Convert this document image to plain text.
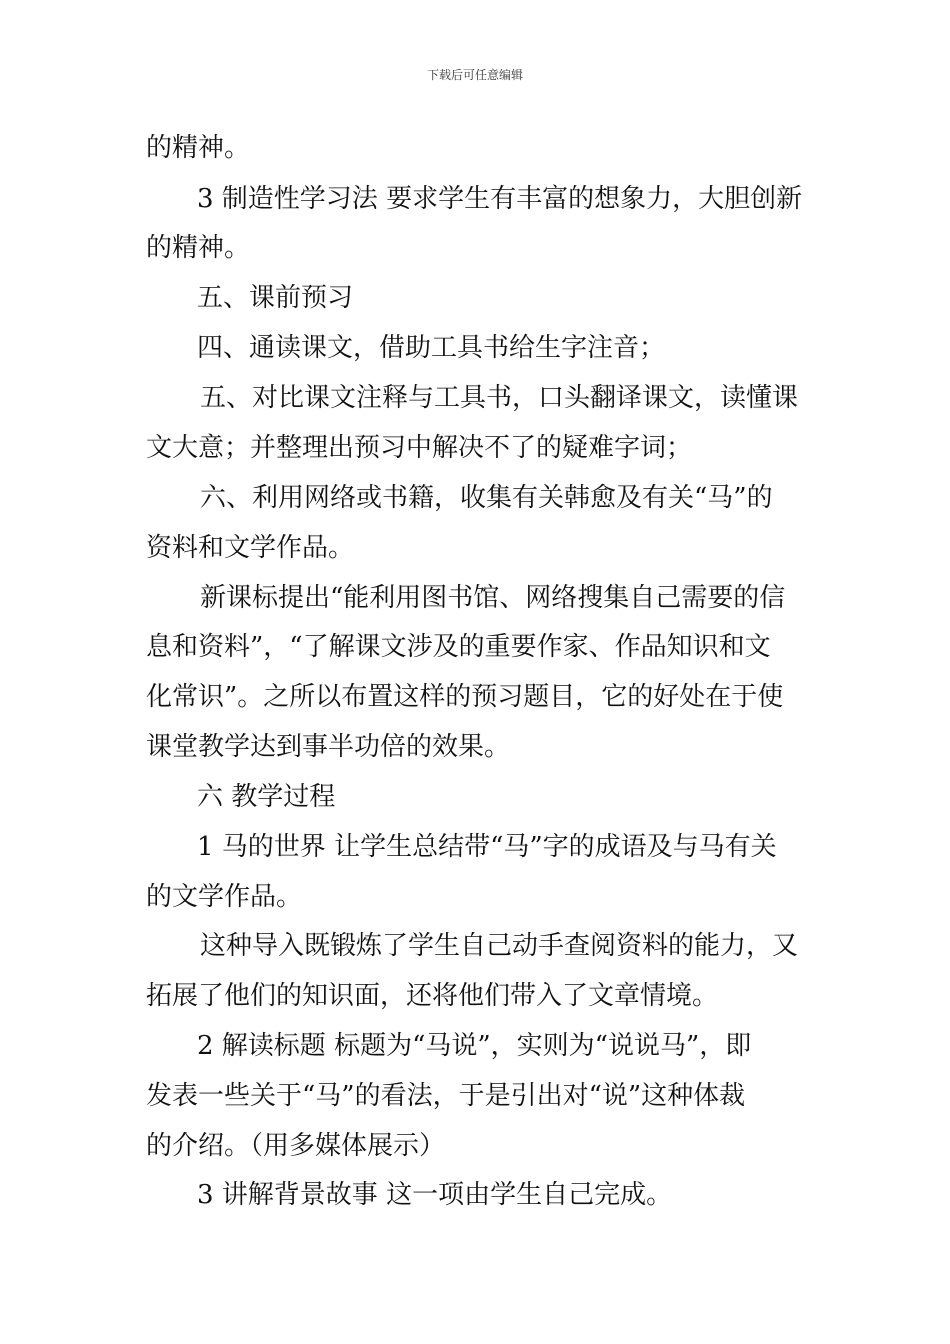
下载后可任意编辑
的精神。
3 制造性学习法 要求学生有丰富的想象力，大胆创新
的精神。
五、课前预习
四、通读课文，借助工具书给生字注音；
五、对比课文注释与工具书，口头翻译课文，读懂课
文大意；并整理出预习中解决不了的疑难字词；
六、利用网络或书籍，收集有关韩愈及有关“马”的
资料和文学作品。
新课标提出“能利用图书馆、网络搜集自己需要的信
息和资料”，“了解课文涉及的重要作家、作品知识和文
化常识”。之所以布置这样的预习题目，它的好处在于使
课堂教学达到事半功倍的效果。
六 教学过程
1 马的世界 让学生总结带“马”字的成语及与马有关
的文学作品。
这种导入既锻炼了学生自己动手查阅资料的能力，又
拓展了他们的知识面，还将他们带入了文章情境。
2 解读标题 标题为“马说”，实则为“说说马”，即
发表一些关于“马”的看法，于是引出对“说”这种体裁
的介绍。（用多媒体展示）
3 讲解背景故事 这一项由学生自己完成。
